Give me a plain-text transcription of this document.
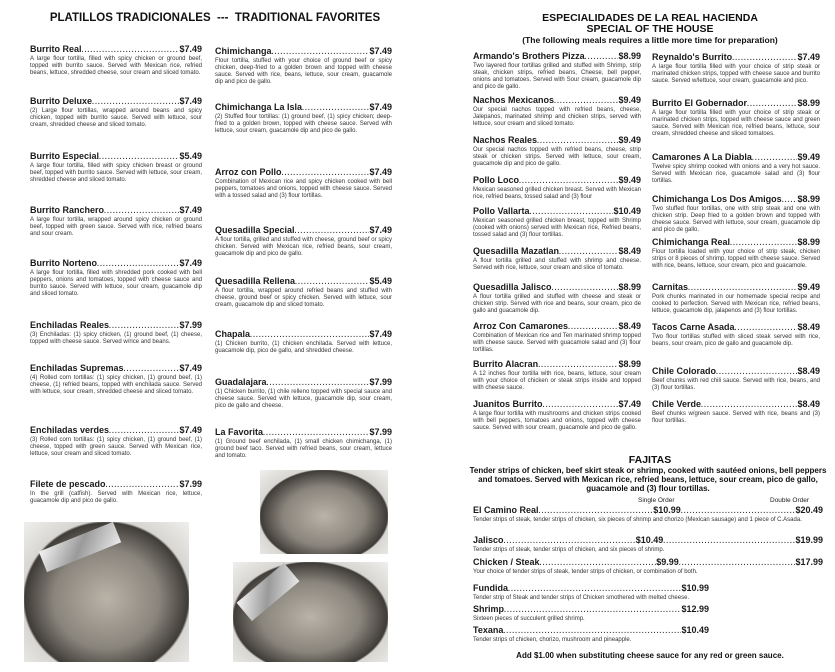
PLATILLOS TRADICIONALES  ---  TRADITIONAL FAVORITES	ESPECIALIDADES DE LA REAL HACIENDA
SPECIAL OF THE HOUSE
(The following meals requires a little more time for preparation)
Burrito Real .....	$7.49
A large flour tortilla, filled with spicy chicken or ground beef, topped with burrito sauce. Served with Mexican rice, refried beans, lettuce, shredded cheese, sour cream and sliced tomato.
Burrito Deluxe .....	$7.49
(2) Large flour tortillas, wrapped around beans and spicy chicken, topped with burrito sauce. Served with lettuce, sour cream, shredded cheese and sliced tomato.
Burrito Especial .....	$5.49
A large flour tortilla, filled with spicy chicken breast or ground beef, topped with burrito sauce. Served with lettuce, sour cream, shredded cheese and sliced tomato.
Burrito Ranchero .....	$7.49
A large flour tortilla, wrapped around spicy chicken or ground beef, topped with green sauce. Served with rice, refried beans and sour cream.
Burrito Norteno .....	$7.49
A large flour tortilla, filled with shredded pork cooked with bell peppers, onions and tomatoes, topped with cheese sauce and burrito sauce. Served with lettuce, sour cream, guacamole dip and sliced tomato.
Enchiladas Reales .....	$7.99
(3) Enchiladas: (1) spicy chicken, (1) ground beef, (1) cheese, topped with cheese sauce. Served w/rice and beans.
Enchiladas Supremas .....	$7.49
(4) Rolled corn tortillas: (1) spicy chicken, (1) ground beef, (1) cheese, (1) refried beans, topped with enchilada sauce. Served with lettuce, sour cream, shredded cheese and sliced tomato.
Enchiladas verdes .....	$7.49
(3) Rolled corn tortillas: (1) spicy chicken, (1) ground beef, (1) cheese, topped with green sauce. Served with Mexican rice, lettuce, sour cream and sliced tomato.
Filete de pescado .....	$7.99
In the grill (catfish). Served with Mexican rice, lettuce, guacamole dip and pico de gallo.
Chimichanga .....	$7.49
Flour tortilla, stuffed with your choice of ground beef or spicy chicken, deep-fried to a golden brown and topped with cheese sauce. Served with rice, beans, lettuce, sour cream, guacamole dip and pico de gallo.
Chimichanga La Isla .....	$7.49
(2) Stuffed flour tortillas: (1) ground beef, (1) spicy chicken; deep-fried to a golden brown, topped with cheese sauce. Served with lettuce, sour cream, guacamole dip and pico de gallo.
Arroz con Pollo .....	$7.49
Combination of Mexican rice and spicy chicken cooked with bell peppers, tomatoes and onions, topped with cheese sauce. Served with a tossed salad and (3) flour tortillas.
Quesadilla Special .....	$7.49
A flour tortilla, grilled and stuffed with cheese, ground beef or spicy chicken. Served with Mexican rice, refried beans, sour cream, guacamole dip and pico de gallo.
Quesadilla Rellena .....	$5.49
A flour tortilla, wrapped around refried beans and stuffed with cheese, ground beef or spicy chicken. Served with lettuce, sour cream, guacamole dip and sliced tomato.
Chapala .....	$7.49
(1) Chicken burrito, (1) chicken enchilada. Served with lettuce, guacamole dip, pico de gallo, and shredded cheese.
Guadalajara .....	$7.99
(1) Chicken burrito, (1) chile relleno topped with special sauce and cheese sauce. Served with lettuce, guacamole dip, sour cream, pico de gallo and cheese.
La Favorita .....	$7.99
(1) Ground beef enchilada, (1) small chicken chimichanga, (1) ground beef taco. Served with refried beans, sour cream, lettuce and tomato.
Armando's Brothers Pizza .....	$8.99
Two layered flour tortillas grilled and stuffed with Shrimp, strip steak, chicken strips, refried beans, Cheese, bell pepper, onions and tomatoes. Served with Sour cream, guacamole dip and pico de gallo.
Nachos Mexicanos .....	$9.49
Our special nachos topped with refried beans, cheese, Jalepanos, marinated shrimp and chicken strips, served with lettuce, sour cream and sliced tomato.
Nachos Reales .....	$9.49
Our special nachos topped with refried beans, cheese, strip steak or chicken strips. Served with lettuce, sour cream, guacamole dip and pico de gallo.
Pollo Loco .....	$9.49
Mexican seasoned grilled chicken breast. Served with Mexican rice, refried beans, tossed salad and (3) flour
Pollo Vallarta .....	$10.49
Mexican seasoned grilled chicken breast, topped with Shrimp (cooked with onions) served with Mexican rice, Refried beans, tossed salad and (3) flour tortillas.
Quesadilla Mazatlan .....	$8.49
A flour tortilla grilled and stuffed with shrimp and cheese. Served with rice, lettuce, sour cream and slice of tomato.
Quesadilla Jalisco .....	$8.99
A flour tortilla grilled and stuffed with cheese and steak or chicken strip. Served with rice and beans, sour cream, pico de gallo and guacamole dip.
Arroz Con Camarones .....	$8.49
Combination of Mexican rice and Ten marinated shrimp topped with cheese sauce. Served with guacamole salad and (3) flour tortillas.
Burrito Alacran .....	$8.99
A 12 inches flour tortilla with rice, beans, lettuce, sour cream with your choice of chicken or steak strips inside and topped with cheese sauce.
Juanitos Burrito .....	$7.49
A large flour tortilla with mushrooms and chicken strips cooked with bell peppers, tomatoes and onions, topped with cheese sauce. Served with sour cream, guacamole and pico de gallo.
Reynaldo's Burrito .....	$7.49
A large flour tortilla filled with your choice of strip steak or marinated chicken strips, topped with cheese sauce and burrito sauce. Served w/lettuce, sour cream, guacamole and pico.
Burrito El Gobernador .....	$8.99
A large flour tortilla filled with your choice of strip steak or marinated chicken strips, topped with cheese sauce and green sauce. Served with Mexican rice, refried beans, lettuce, sour cream, shredded cheese and sliced tomatoes.
Camarones A La Diabla .....	$9.49
Twelve spicy shrimp cooked with onions and a very hot sauce. Served with Mexican rice, guacamole salad and (3) flour tortillas.
Chimichanga Los Dos Amigos ..... $8.99
Two stuffed flour tortillas, one with strip steak and one with chicken strip. Deep fried to a golden brown and topped with cheese sauce. Served with lettuce, sour cream, guacamole dip and pico de gallo.
Chimichanga Real .....	$8.99
Flour tortilla loaded with your choice of strip steak, chicken strips or 8 pieces of shrimp, topped with cheese sauce. Served with rice, beans, lettuce, sour cream, pico and guacamole.
Carnitas .....	$9.49
Pork chunks marinated in our homemade special recipe and cooked to perfection. Served with Mexican rice, refried beans, lettuce, guacamole dip, jalapenos and (3) flour tortillas.
Tacos Carne Asada .....	$8.49
Two flour tortillas stuffed with sliced steak served with rice, beans, sour cream, pico de gallo and guacamole dip.
Chile Colorado .....	$8.49
Beef chunks with red chili sauce. Served with rice, beans, and (3) flour tortillas.
Chile Verde .....	$8.49
Beef chunks w/green sauce. Served with rice, beans and (3) flour tortillas.
FAJITAS
Tender strips of chicken, beef skirt steak or shrimp, cooked with sautéed onions, bell peppers and tomatoes. Served with Mexican rice, refried beans, lettuce, sour cream, pico de gallo, guacamole and (3) flour tortillas.
Single Order	Double Order
El Camino Real .....	$10.99 .....	$20.49
Tender strips of steak, tender strips of chicken, six pieces of shrimp and chorizo (Mexican sausage) and 1 piece of C.Asada.
Jalisco .....	$10.49 .....	$19.99
Tender strips of steak, tender strips of chicken, and six pieces of shrimp.
Chicken / Steak .....	$9.99 .....	$17.99
Your choice of tender strips of steak, tender strips of chicken, or combination of both.
Fundida .....	$10.99
Tender strip of Steak and tender strips of Chicken smothered with melted cheese.
Shrimp .....	$12.99
Sixteen pieces of succulent grilled shrimp.
Texana .....	$10.49
Tender strips of chicken, chorizo, mushroom and pineapple.
Add $1.00 when substituting cheese sauce for any red or green sauce.
